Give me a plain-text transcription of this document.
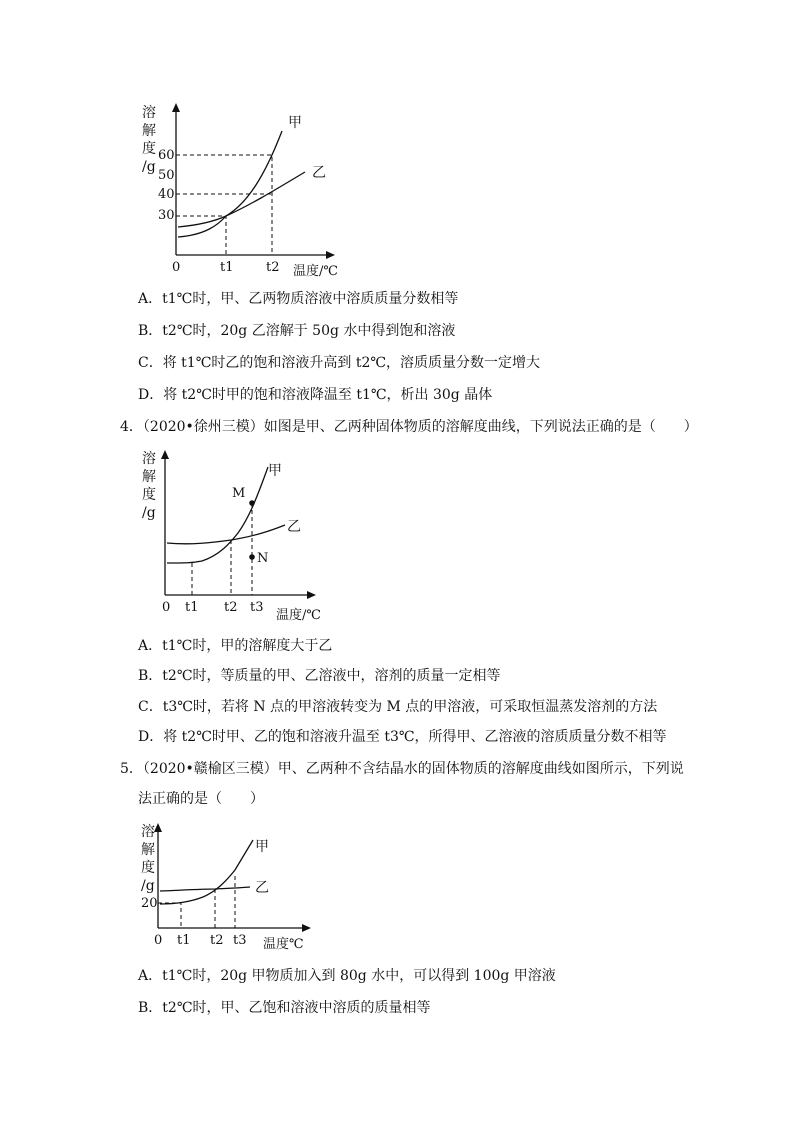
溶
解
度
/g
60
50
40
30
甲
乙
0	t1	t2 温度/℃
A．t1℃时，甲、乙两物质溶液中溶质质量分数相等
B．t2℃时，20g 乙溶解于 50g 水中得到饱和溶液
C．将 t1℃时乙的饱和溶液升高到 t2℃，溶质质量分数一定增大
D．将 t2℃时甲的饱和溶液降温至 t1℃，析出 30g 晶体
4．（2020•徐州三模）如图是甲、乙两种固体物质的溶解度曲线，下列说法正确的是（　　）
溶
解
度
/g
M
N
甲
乙
0 t1 t2 t3
温度/℃
A．t1℃时，甲的溶解度大于乙
B．t2℃时，等质量的甲、乙溶液中，溶剂的质量一定相等
C．t3℃时，若将 N 点的甲溶液转变为 M 点的甲溶液，可采取恒温蒸发溶剂的方法
D．将 t2℃时甲、乙的饱和溶液升温至 t3℃，所得甲、乙溶液的溶质质量分数不相等
5．（2020•赣榆区三模）甲、乙两种不含结晶水的固体物质的溶解度曲线如图所示，下列说
法正确的是（　　）
溶
解
度
/g
20
甲
乙
0 t1 t2 t3 温度℃
A．t1℃时，20g 甲物质加入到 80g 水中，可以得到 100g 甲溶液
B．t2℃时，甲、乙饱和溶液中溶质的质量相等
